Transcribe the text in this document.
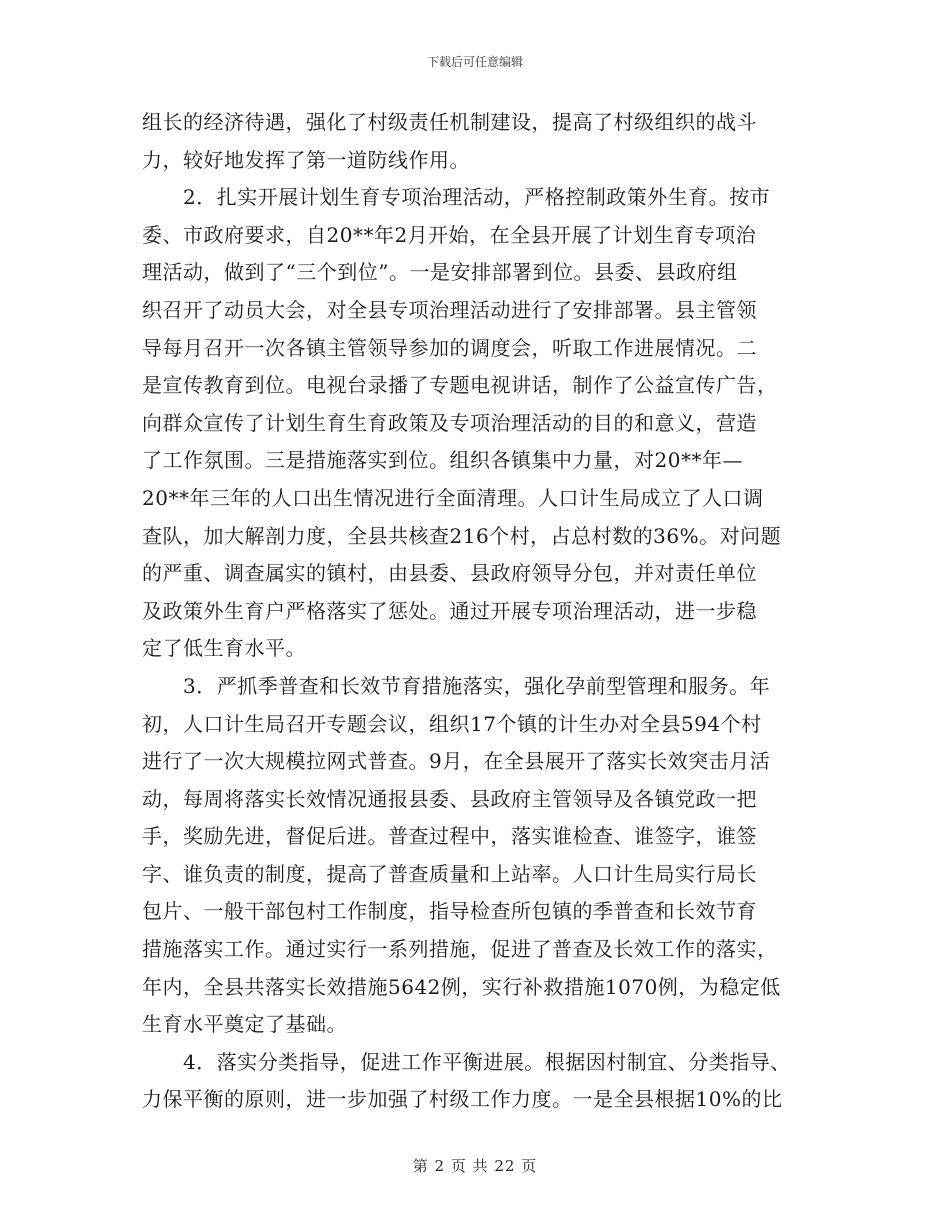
下载后可任意编辑
组长的经济待遇，强化了村级责任机制建设，提高了村级组织的战斗
力，较好地发挥了第一道防线作用。
　　2．扎实开展计划生育专项治理活动，严格控制政策外生育。按市
委、市政府要求，自20**年2月开始，在全县开展了计划生育专项治
理活动，做到了“三个到位”。一是安排部署到位。县委、县政府组
织召开了动员大会，对全县专项治理活动进行了安排部署。县主管领
导每月召开一次各镇主管领导参加的调度会，听取工作进展情况。二
是宣传教育到位。电视台录播了专题电视讲话，制作了公益宣传广告，
向群众宣传了计划生育生育政策及专项治理活动的目的和意义，营造
了工作氛围。三是措施落实到位。组织各镇集中力量，对20**年—
20**年三年的人口出生情况进行全面清理。人口计生局成立了人口调
查队，加大解剖力度，全县共核查216个村，占总村数的36%。对问题
的严重、调查属实的镇村，由县委、县政府领导分包，并对责任单位
及政策外生育户严格落实了惩处。通过开展专项治理活动，进一步稳
定了低生育水平。
　　3．严抓季普查和长效节育措施落实，强化孕前型管理和服务。年
初，人口计生局召开专题会议，组织17个镇的计生办对全县594个村
进行了一次大规模拉网式普查。9月，在全县展开了落实长效突击月活
动，每周将落实长效情况通报县委、县政府主管领导及各镇党政一把
手，奖励先进，督促后进。普查过程中，落实谁检查、谁签字，谁签
字、谁负责的制度，提高了普查质量和上站率。人口计生局实行局长
包片、一般干部包村工作制度，指导检查所包镇的季普查和长效节育
措施落实工作。通过实行一系列措施，促进了普查及长效工作的落实，
年内，全县共落实长效措施5642例，实行补救措施1070例，为稳定低
生育水平奠定了基础。
　　4．落实分类指导，促进工作平衡进展。根据因村制宜、分类指导、
力保平衡的原则，进一步加强了村级工作力度。一是全县根据10%的比
第 2 页 共 22 页
